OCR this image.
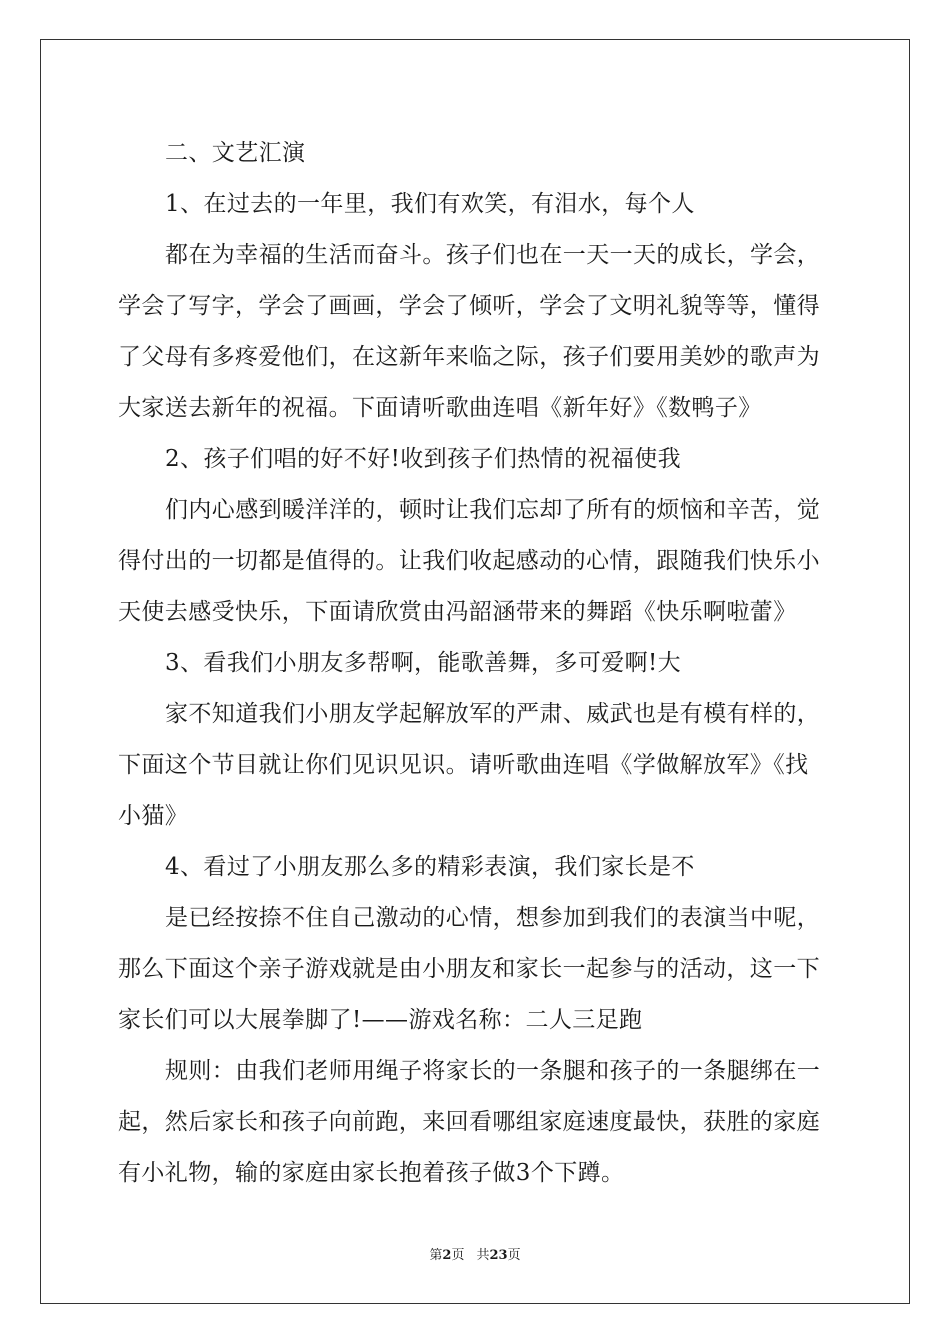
二、文艺汇演
1、在过去的一年里，我们有欢笑，有泪水，每个人
都在为幸福的生活而奋斗。孩子们也在一天一天的成长，学会，
学会了写字，学会了画画，学会了倾听，学会了文明礼貌等等，懂得
了父母有多疼爱他们，在这新年来临之际，孩子们要用美妙的歌声为
大家送去新年的祝福。下面请听歌曲连唱《新年好》《数鸭子》
2、孩子们唱的好不好!收到孩子们热情的祝福使我
们内心感到暖洋洋的，顿时让我们忘却了所有的烦恼和辛苦，觉
得付出的一切都是值得的。让我们收起感动的心情，跟随我们快乐小
天使去感受快乐，下面请欣赏由冯韶涵带来的舞蹈《快乐啊啦蕾》
3、看我们小朋友多帮啊，能歌善舞，多可爱啊!大
家不知道我们小朋友学起解放军的严肃、威武也是有模有样的，
下面这个节目就让你们见识见识。请听歌曲连唱《学做解放军》《找
小猫》
4、看过了小朋友那么多的精彩表演，我们家长是不
是已经按捺不住自己激动的心情，想参加到我们的表演当中呢，
那么下面这个亲子游戏就是由小朋友和家长一起参与的活动，这一下
家长们可以大展拳脚了!——游戏名称：二人三足跑
规则：由我们老师用绳子将家长的一条腿和孩子的一条腿绑在一
起，然后家长和孩子向前跑，来回看哪组家庭速度最快，获胜的家庭
有小礼物，输的家庭由家长抱着孩子做3个下蹲。
第2页 共23页
